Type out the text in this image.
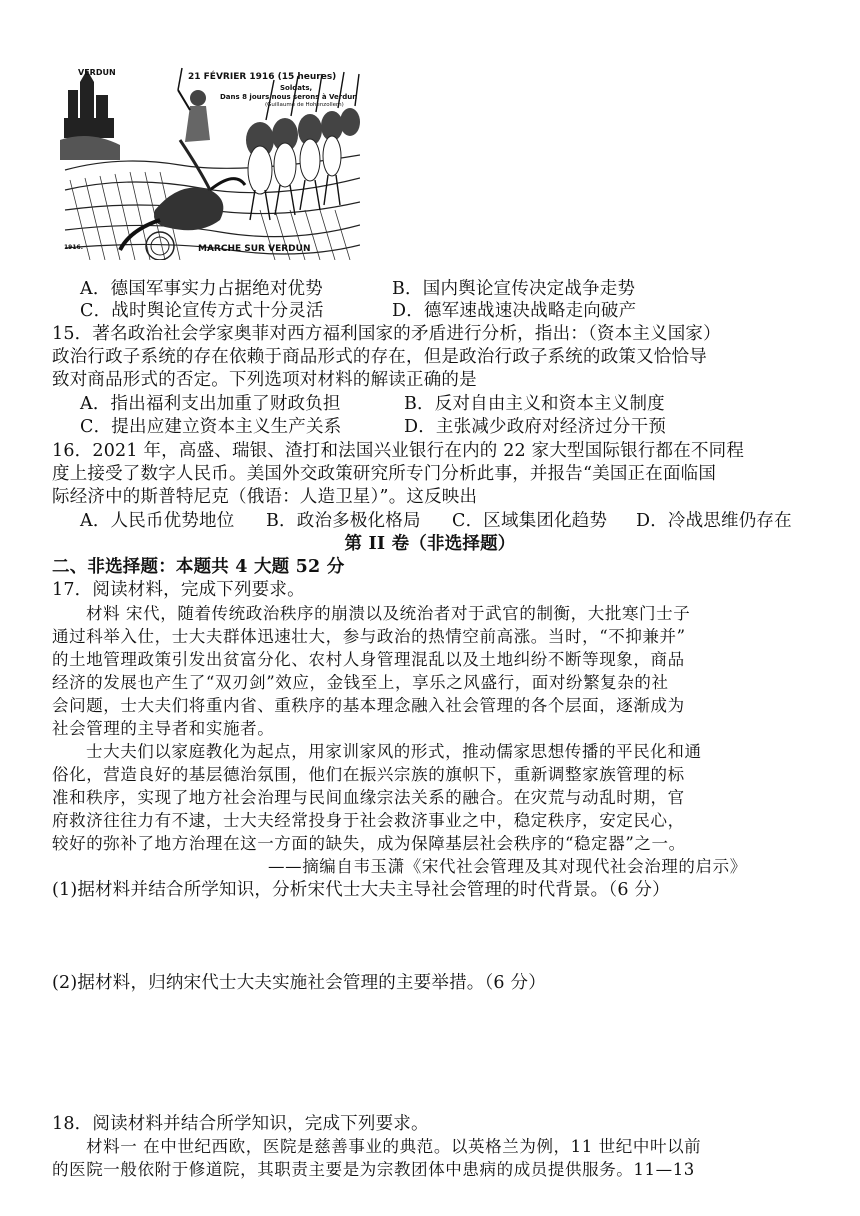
VERDUN	21 FÉVRIER 1916 (15 heures)
Soldats,
Dans 8 jours nous serons à Verdun
(Guillaume de Hohenzollern)
1916.	MARCHE SUR VERDUN
A．德国军事实力占据绝对优势	B．国内舆论宣传决定战争走势
C．战时舆论宣传方式十分灵活	D．德军速战速决战略走向破产
15．著名政治社会学家奥菲对西方福利国家的矛盾进行分析，指出：（资本主义国家）
政治行政子系统的存在依赖于商品形式的存在，但是政治行政子系统的政策又恰恰导
致对商品形式的否定。下列选项对材料的解读正确的是
A．指出福利支出加重了财政负担	B．反对自由主义和资本主义制度
C．提出应建立资本主义生产关系	D．主张减少政府对经济过分干预
16．2021 年，高盛、瑞银、渣打和法国兴业银行在内的 22 家大型国际银行都在不同程
度上接受了数字人民币。美国外交政策研究所专门分析此事，并报告“美国正在面临国
际经济中的斯普特尼克（俄语：人造卫星）”。这反映出
A．人民币优势地位 B．政治多极化格局 C．区域集团化趋势 D．冷战思维仍存在
第 II 卷（非选择题）
二、非选择题：本题共 4 大题 52 分
17．阅读材料，完成下列要求。
材料 宋代，随着传统政治秩序的崩溃以及统治者对于武官的制衡，大批寒门士子
通过科举入仕，士大夫群体迅速壮大，参与政治的热情空前高涨。当时，“不抑兼并”
的土地管理政策引发出贫富分化、农村人身管理混乱以及土地纠纷不断等现象，商品
经济的发展也产生了“双刃剑”效应，金钱至上，享乐之风盛行，面对纷繁复杂的社
会问题，士大夫们将重内省、重秩序的基本理念融入社会管理的各个层面，逐渐成为
社会管理的主导者和实施者。
士大夫们以家庭教化为起点，用家训家风的形式，推动儒家思想传播的平民化和通
俗化，营造良好的基层德治氛围，他们在振兴宗族的旗帜下，重新调整家族管理的标
准和秩序，实现了地方社会治理与民间血缘宗法关系的融合。在灾荒与动乱时期，官
府救济往往力有不逮，士大夫经常投身于社会救济事业之中，稳定秩序，安定民心，
较好的弥补了地方治理在这一方面的缺失，成为保障基层社会秩序的“稳定器”之一。
——摘编自韦玉潇《宋代社会管理及其对现代社会治理的启示》
(1)据材料并结合所学知识，分析宋代士大夫主导社会管理的时代背景。（6 分）
(2)据材料，归纳宋代士大夫实施社会管理的主要举措。（6 分）
18．阅读材料并结合所学知识，完成下列要求。
材料一 在中世纪西欧，医院是慈善事业的典范。以英格兰为例，11 世纪中叶以前
的医院一般依附于修道院，其职责主要是为宗教团体中患病的成员提供服务。11—13
